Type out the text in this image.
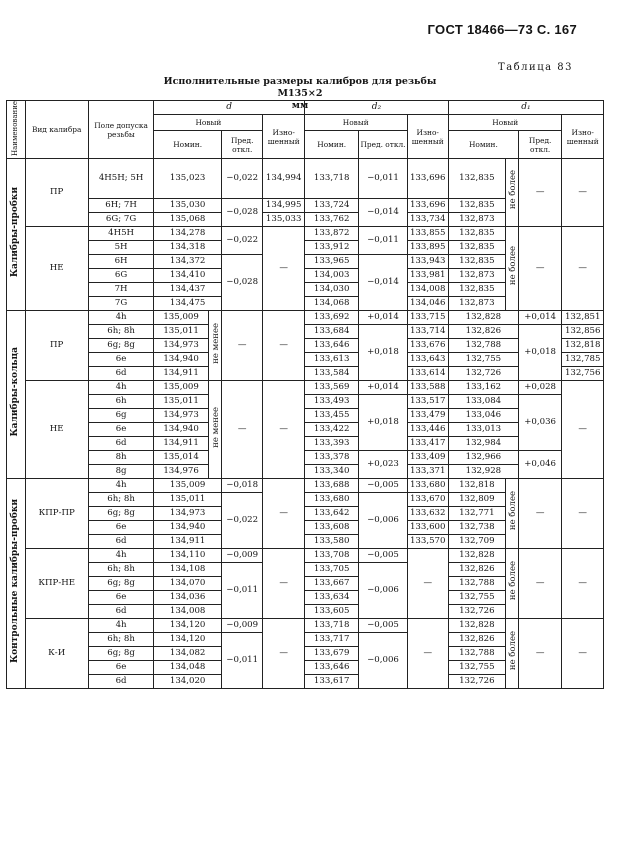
ГОСТ 18466—73 С. 167
Таблица 83
Исполнительные размеры калибров для резьбы М135×2
мм
Наименование	Вид калибра	Поле допуска резьбы	d				d₂			d₁			
			Новый			Изно-шенный	Новый		Изно-шенный	Новый			Изно-шенный
			Номин.		Пред. откл.		Номин.	Пред. откл.		Номин.		Пред. откл.	
Калибры-пробки	ПР	4H5H; 5H	135,023		−0,022	134,994	133,718	−0,011	133,696	132,835	не более	—	—
		6H; 7H	135,030		−0,028	134,995	133,724	−0,014	133,696	132,835			
		6G; 7G	135,068			135,033	133,762		133,734	132,873			
	НЕ	4H5H	134,278		−0,022	—	133,872	−0,011	133,855	132,835	не более	—	—
		5H	134,318				133,912		133,895	132,835			
		6H	134,372		−0,028		133,965	−0,014	133,943	132,835			
		6G	134,410				134,003		133,981	132,873			
		7H	134,437				134,030		134,008	132,835			
		7G	134,475				134,068		134,046	132,873			
Калибры-кольца	ПР	4h	135,009	не менее	—	—	133,692	+0,014	133,715	132,828		+0,014	132,851
		6h; 8h	135,011				133,684	+0,018	133,714	132,826		+0,018	132,856
		6g; 8g	134,973				133,646		133,676	132,788			132,818
		6e	134,940				133,613		133,643	132,755			132,785
		6d	134,911				133,584		133,614	132,726			132,756
	НЕ	4h	135,009	не менее	—	—	133,569	+0,014	133,588	133,162		+0,028	—
		6h	135,011				133,493	+0,018	133,517	133,084		+0,036	
		6g	134,973				133,455		133,479	133,046			
		6e	134,940				133,422		133,446	133,013			
		6d	134,911				133,393		133,417	132,984			
		8h	135,014				133,378	+0,023	133,409	132,966		+0,046	
		8g	134,976				133,340		133,371	132,928			
Контрольные калибры-пробки	КПР-ПР	4h	135,009		−0,018	—	133,688	−0,005	133,680	132,818	не более	—	—
		6h; 8h	135,011		−0,022		133,680	−0,006	133,670	132,809			
		6g; 8g	134,973				133,642		133,632	132,771			
		6e	134,940				133,608		133,600	132,738			
		6d	134,911				133,580		133,570	132,709			
	КПР-НЕ	4h	134,110		−0,009	—	133,708	−0,005	—	132,828	не более	—	—
		6h; 8h	134,108		−0,011		133,705	−0,006		132,826			
		6g; 8g	134,070				133,667			132,788			
		6e	134,036				133,634			132,755			
		6d	134,008				133,605			132,726			
	К-И	4h	134,120		−0,009	—	133,718	−0,005	—	132,828	не более	—	—
		6h; 8h	134,120		−0,011		133,717	−0,006		132,826			
		6g; 8g	134,082				133,679			132,788			
		6e	134,048				133,646			132,755			
		6d	134,020				133,617			132,726			
